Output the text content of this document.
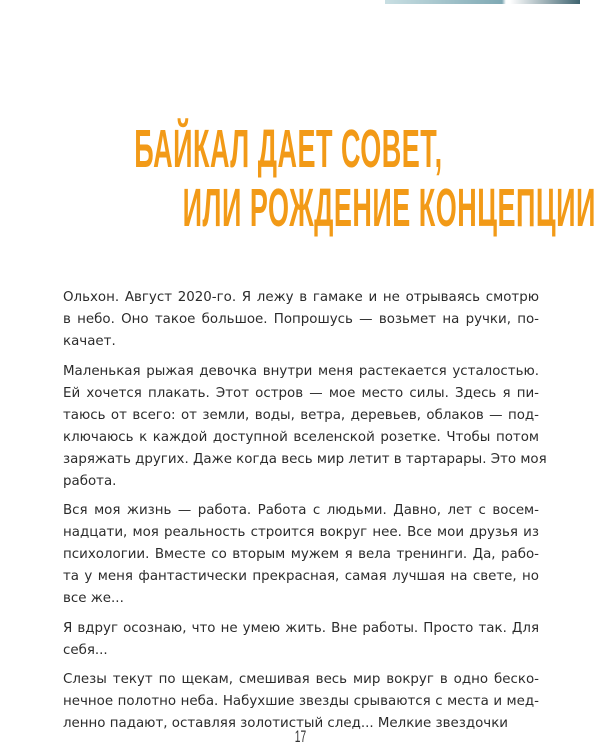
БАЙКАЛ ДАЕТ СОВЕТ,
ИЛИ РОЖДЕНИЕ КОНЦЕПЦИИ

Ольхон. Август 2020-го. Я лежу в гамаке и не отрываясь смотрю
в небо. Оно такое большое. Попрошусь — возьмет на ручки, по-
качает.

Маленькая рыжая девочка внутри меня растекается усталостью.
Ей хочется плакать. Этот остров — мое место силы. Здесь я пи-
таюсь от всего: от земли, воды, ветра, деревьев, облаков — под-
ключаюсь к каждой доступной вселенской розетке. Чтобы потом
заряжать других. Даже когда весь мир летит в тартарары. Это моя
работа.

Вся моя жизнь — работа. Работа с людьми. Давно, лет с восем-
надцати, моя реальность строится вокруг нее. Все мои друзья из
психологии. Вместе со вторым мужем я вела тренинги. Да, рабо-
та у меня фантастически прекрасная, самая лучшая на свете, но
все же...

Я вдруг осознаю, что не умею жить. Вне работы. Просто так. Для
себя...

Слезы текут по щекам, смешивая весь мир вокруг в одно беско-
нечное полотно неба. Набухшие звезды срываются с места и мед-
ленно падают, оставляя золотистый след... Мелкие звездочки

17
